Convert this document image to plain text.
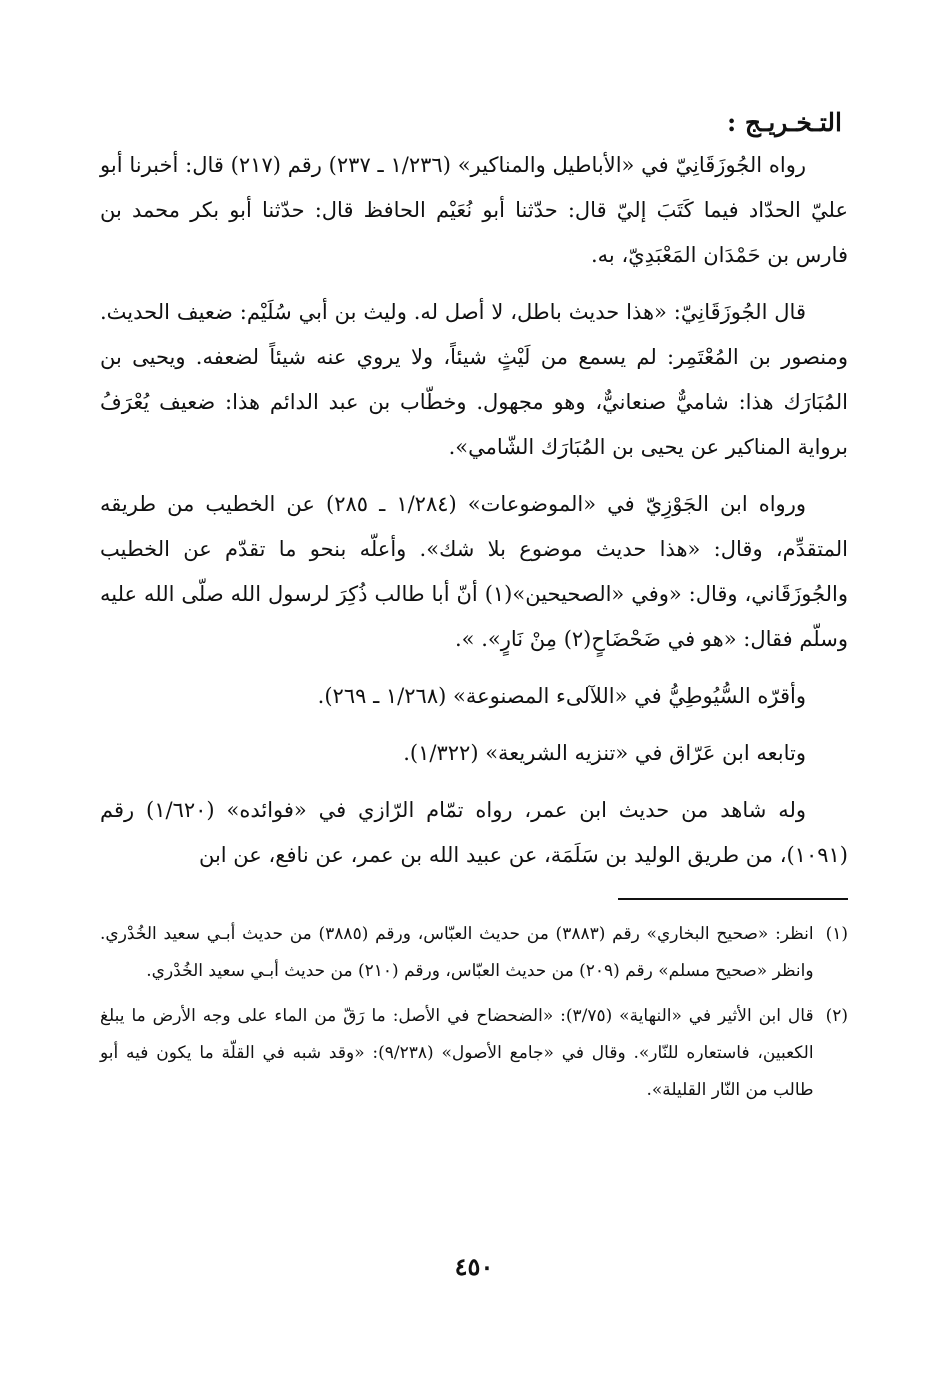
التـخـريـج :

رواه الجُوزَقَانِيّ في «الأباطيل والمناكير» (١/٢٣٦ ـ ٢٣٧) رقم (٢١٧) قال: أخبرنا أبو عليّ الحدّاد فيما كَتَبَ إليّ قال: حدّثنا أبو نُعَيْم الحافظ قال: حدّثنا أبو بكر محمد بن فارس بن حَمْدَان المَعْبَدِيّ، به.

قال الجُوزَقَانِيّ: «هذا حديث باطل، لا أصل له. وليث بن أبي سُلَيْم: ضعيف الحديث. ومنصور بن المُعْتَمِر: لم يسمع من لَيْثٍ شيئاً، ولا يروي عنه شيئاً لضعفه. ويحيى بن المُبَارَك هذا: شاميٌّ صنعانيٌّ، وهو مجهول. وخطّاب بن عبد الدائم هذا: ضعيف يُعْرَفُ برواية المناكير عن يحيى بن المُبَارَك الشّامي».

ورواه ابن الجَوْزِيّ في «الموضوعات» (١/٢٨٤ ـ ٢٨٥) عن الخطيب من طريقه المتقدِّم، وقال: «هذا حديث موضوع بلا شك». وأعلّه بنحو ما تقدّم عن الخطيب والجُوزَقَاني، وقال: «وفي «الصحيحين»(١) أنّ أبا طالب ذُكِرَ لرسول الله صلّى الله عليه وسلّم فقال: «هو في ضَحْضَاحٍ(٢) مِنْ نَارٍ». ».

وأقرّه السُّيُوطِيُّ في «اللآلىء المصنوعة» (١/٢٦٨ ـ ٢٦٩).

وتابعه ابن عَرّاق في «تنزيه الشريعة» (١/٣٢٢).

وله شاهد من حديث ابن عمر، رواه تمّام الرّازي في «فوائده» (١/٦٢٠) رقم (١٠٩١)، من طريق الوليد بن سَلَمَة، عن عبيد الله بن عمر، عن نافع، عن ابن

(١)
انظر: «صحيح البخاري» رقم (٣٨٨٣) من حديث العبّاس، ورقم (٣٨٨٥) من حديث أبـي سعيد الخُدْري. وانظر «صحيح مسلم» رقم (٢٠٩) من حديث العبّاس، ورقم (٢١٠) من حديث أبـي سعيد الخُدْري.
(٢)
قال ابن الأثير في «النهاية» (٣/٧٥): «الضحضاح في الأصل: ما رَقّ من الماء على وجه الأرض ما يبلغ الكعبين، فاستعاره للنّار». وقال في «جامع الأصول» (٩/٢٣٨): «وقد شبه في القلّة ما يكون فيه أبو طالب من النّار القليلة».
٤٥٠
